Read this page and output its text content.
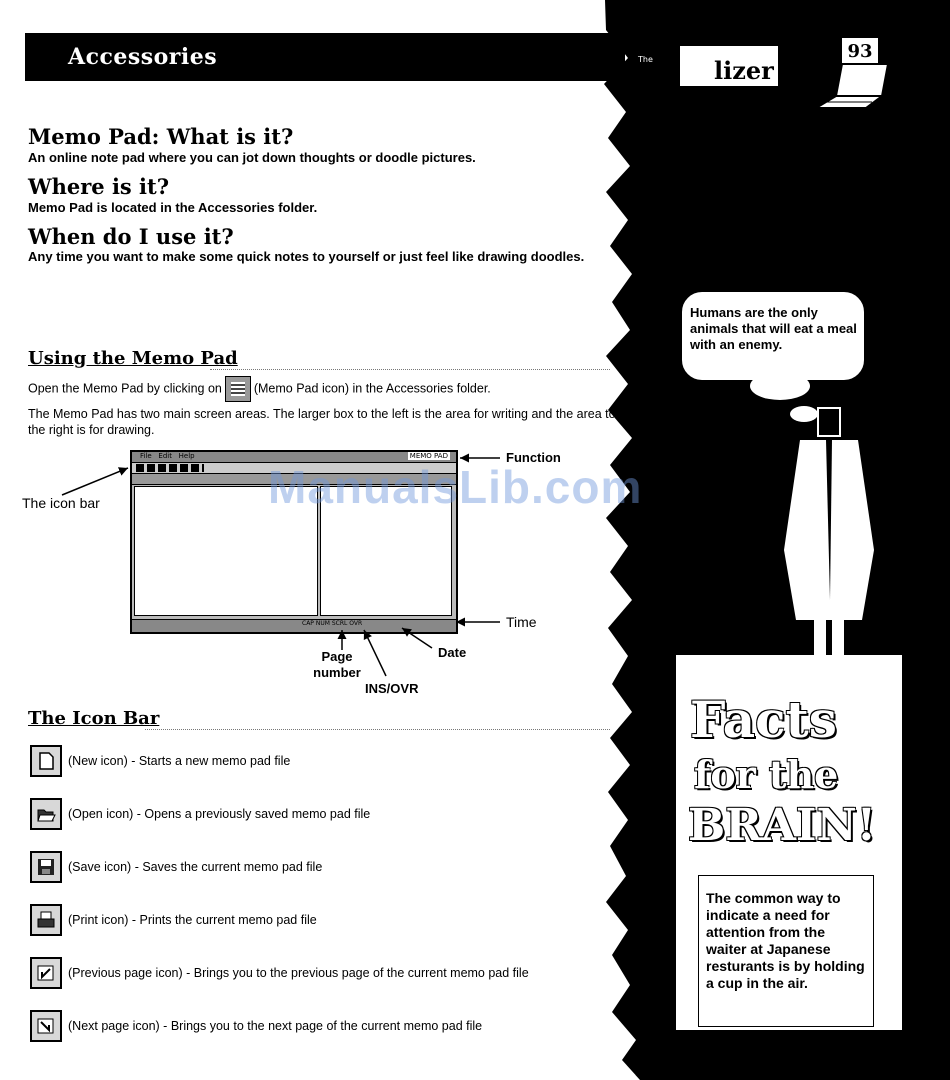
Accessories	The	lizer
93
Memo Pad: What is it?
An online note pad where you can jot down thoughts or doodle pictures.
Where is it?
Memo Pad is located in the Accessories folder.
When do I use it?
Any time you want to make some quick notes to yourself or just feel like drawing doodles.
Using the Memo Pad
Open the Memo Pad by clicking on	(Memo Pad icon) in the Accessories folder.
The Memo Pad has two main screen areas. The larger box to the left is the area for writing and the area to the right is for drawing.
File Edit Help	MEMO PAD
CAP NUM SCRL OVR
Function
The icon bar
Time
Date
Page number
INS/OVR
The Icon Bar
(New icon) - Starts a new memo pad file
(Open icon) - Opens a previously saved memo pad file
(Save icon) - Saves the current memo pad file
(Print icon) - Prints the current memo pad file
(Previous page icon) - Brings you to the previous page of the current memo pad file
(Next page icon) - Brings you to the next page of the current memo pad file
Humans are the only animals that will eat a meal with an enemy.
Facts
for the
BRAIN!
The common way to indicate a need for attention from the waiter at Japanese resturants is by holding a cup in the air.
ManualsLib.com
